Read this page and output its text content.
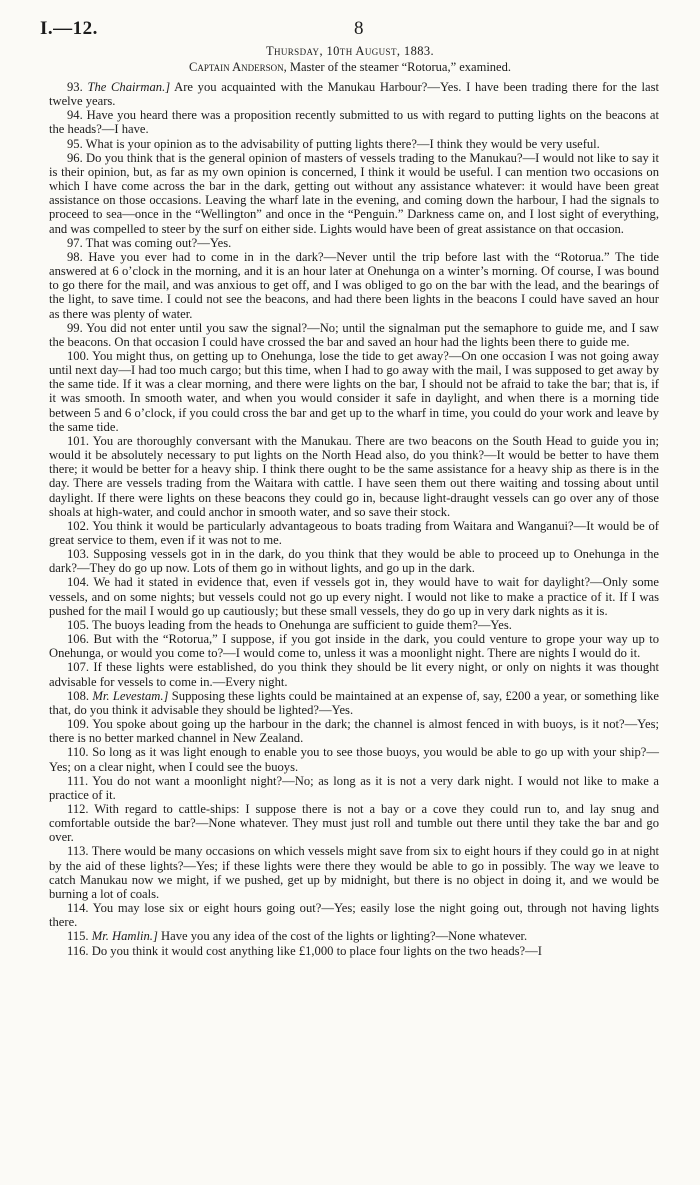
I.—12.	8
Thursday, 10th August, 1883.
Captain Anderson, Master of the steamer “Rotorua,” examined.

93. The Chairman.] Are you acquainted with the Manukau Harbour?—Yes. I have been trading there for the last twelve years.

94. Have you heard there was a proposition recently submitted to us with regard to putting lights on the beacons at the heads?—I have.

95. What is your opinion as to the advisability of putting lights there?—I think they would be very useful.

96. Do you think that is the general opinion of masters of vessels trading to the Manukau?—I would not like to say it is their opinion, but, as far as my own opinion is concerned, I think it would be useful. I can mention two occasions on which I have come across the bar in the dark, getting out without any assistance whatever: it would have been great assistance on those occasions. Leaving the wharf late in the evening, and coming down the harbour, I had the signals to proceed to sea—once in the “Wellington” and once in the “Penguin.” Darkness came on, and I lost sight of everything, and was compelled to steer by the surf on either side. Lights would have been of great assistance on that occasion.

97. That was coming out?—Yes.

98. Have you ever had to come in in the dark?—Never until the trip before last with the “Rotorua.” The tide answered at 6 o’clock in the morning, and it is an hour later at Onehunga on a winter’s morning. Of course, I was bound to go there for the mail, and was anxious to get off, and I was obliged to go on the bar with the lead, and the bearings of the light, to save time. I could not see the beacons, and had there been lights in the beacons I could have saved an hour as there was plenty of water.

99. You did not enter until you saw the signal?—No; until the signalman put the semaphore to guide me, and I saw the beacons. On that occasion I could have crossed the bar and saved an hour had the lights been there to guide me.

100. You might thus, on getting up to Onehunga, lose the tide to get away?—On one occasion I was not going away until next day—I had too much cargo; but this time, when I had to go away with the mail, I was supposed to get away by the same tide. If it was a clear morning, and there were lights on the bar, I should not be afraid to take the bar; that is, if it was smooth. In smooth water, and when you would consider it safe in daylight, and when there is a morning tide between 5 and 6 o’clock, if you could cross the bar and get up to the wharf in time, you could do your work and leave by the same tide.

101. You are thoroughly conversant with the Manukau. There are two beacons on the South Head to guide you in; would it be absolutely necessary to put lights on the North Head also, do you think?—It would be better to have them there; it would be better for a heavy ship. I think there ought to be the same assistance for a heavy ship as there is in the day. There are vessels trading from the Waitara with cattle. I have seen them out there waiting and tossing about until daylight. If there were lights on these beacons they could go in, because light-draught vessels can go over any of those shoals at high-water, and could anchor in smooth water, and so save their stock.

102. You think it would be particularly advantageous to boats trading from Waitara and Wanganui?—It would be of great service to them, even if it was not to me.

103. Supposing vessels got in in the dark, do you think that they would be able to proceed up to Onehunga in the dark?—They do go up now. Lots of them go in without lights, and go up in the dark.

104. We had it stated in evidence that, even if vessels got in, they would have to wait for daylight?—Only some vessels, and on some nights; but vessels could not go up every night. I would not like to make a practice of it. If I was pushed for the mail I would go up cautiously; but these small vessels, they do go up in very dark nights as it is.

105. The buoys leading from the heads to Onehunga are sufficient to guide them?—Yes.

106. But with the “Rotorua,” I suppose, if you got inside in the dark, you could venture to grope your way up to Onehunga, or would you come to?—I would come to, unless it was a moonlight night. There are nights I would do it.

107. If these lights were established, do you think they should be lit every night, or only on nights it was thought advisable for vessels to come in.—Every night.

108. Mr. Levestam.] Supposing these lights could be maintained at an expense of, say, £200 a year, or something like that, do you think it advisable they should be lighted?—Yes.

109. You spoke about going up the harbour in the dark; the channel is almost fenced in with buoys, is it not?—Yes; there is no better marked channel in New Zealand.

110. So long as it was light enough to enable you to see those buoys, you would be able to go up with your ship?—Yes; on a clear night, when I could see the buoys.

111. You do not want a moonlight night?—No; as long as it is not a very dark night. I would not like to make a practice of it.

112. With regard to cattle-ships: I suppose there is not a bay or a cove they could run to, and lay snug and comfortable outside the bar?—None whatever. They must just roll and tumble out there until they take the bar and go over.

113. There would be many occasions on which vessels might save from six to eight hours if they could go in at night by the aid of these lights?—Yes; if these lights were there they would be able to go in possibly. The way we leave to catch Manukau now we might, if we pushed, get up by midnight, but there is no object in doing it, and we would be burning a lot of coals.

114. You may lose six or eight hours going out?—Yes; easily lose the night going out, through not having lights there.

115. Mr. Hamlin.] Have you any idea of the cost of the lights or lighting?—None whatever.

116. Do you think it would cost anything like £1,000 to place four lights on the two heads?—I
